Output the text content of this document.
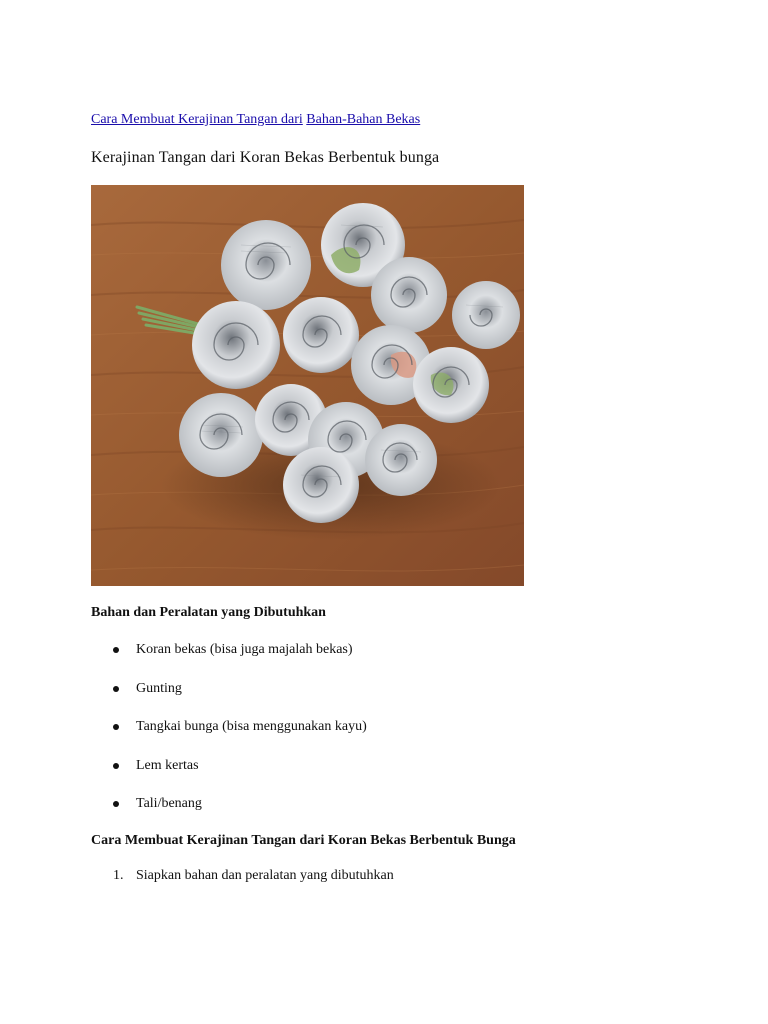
Cara Membuat Kerajinan Tangan dari Bahan-Bahan Bekas
Kerajinan Tangan dari Koran Bekas Berbentuk bunga
Bahan dan Peralatan yang Dibutuhkan
Koran bekas (bisa juga majalah bekas)
Gunting
Tangkai bunga (bisa menggunakan kayu)
Lem kertas
Tali/benang
Cara Membuat Kerajinan Tangan dari Koran Bekas Berbentuk Bunga
1. Siapkan bahan dan peralatan yang dibutuhkan
